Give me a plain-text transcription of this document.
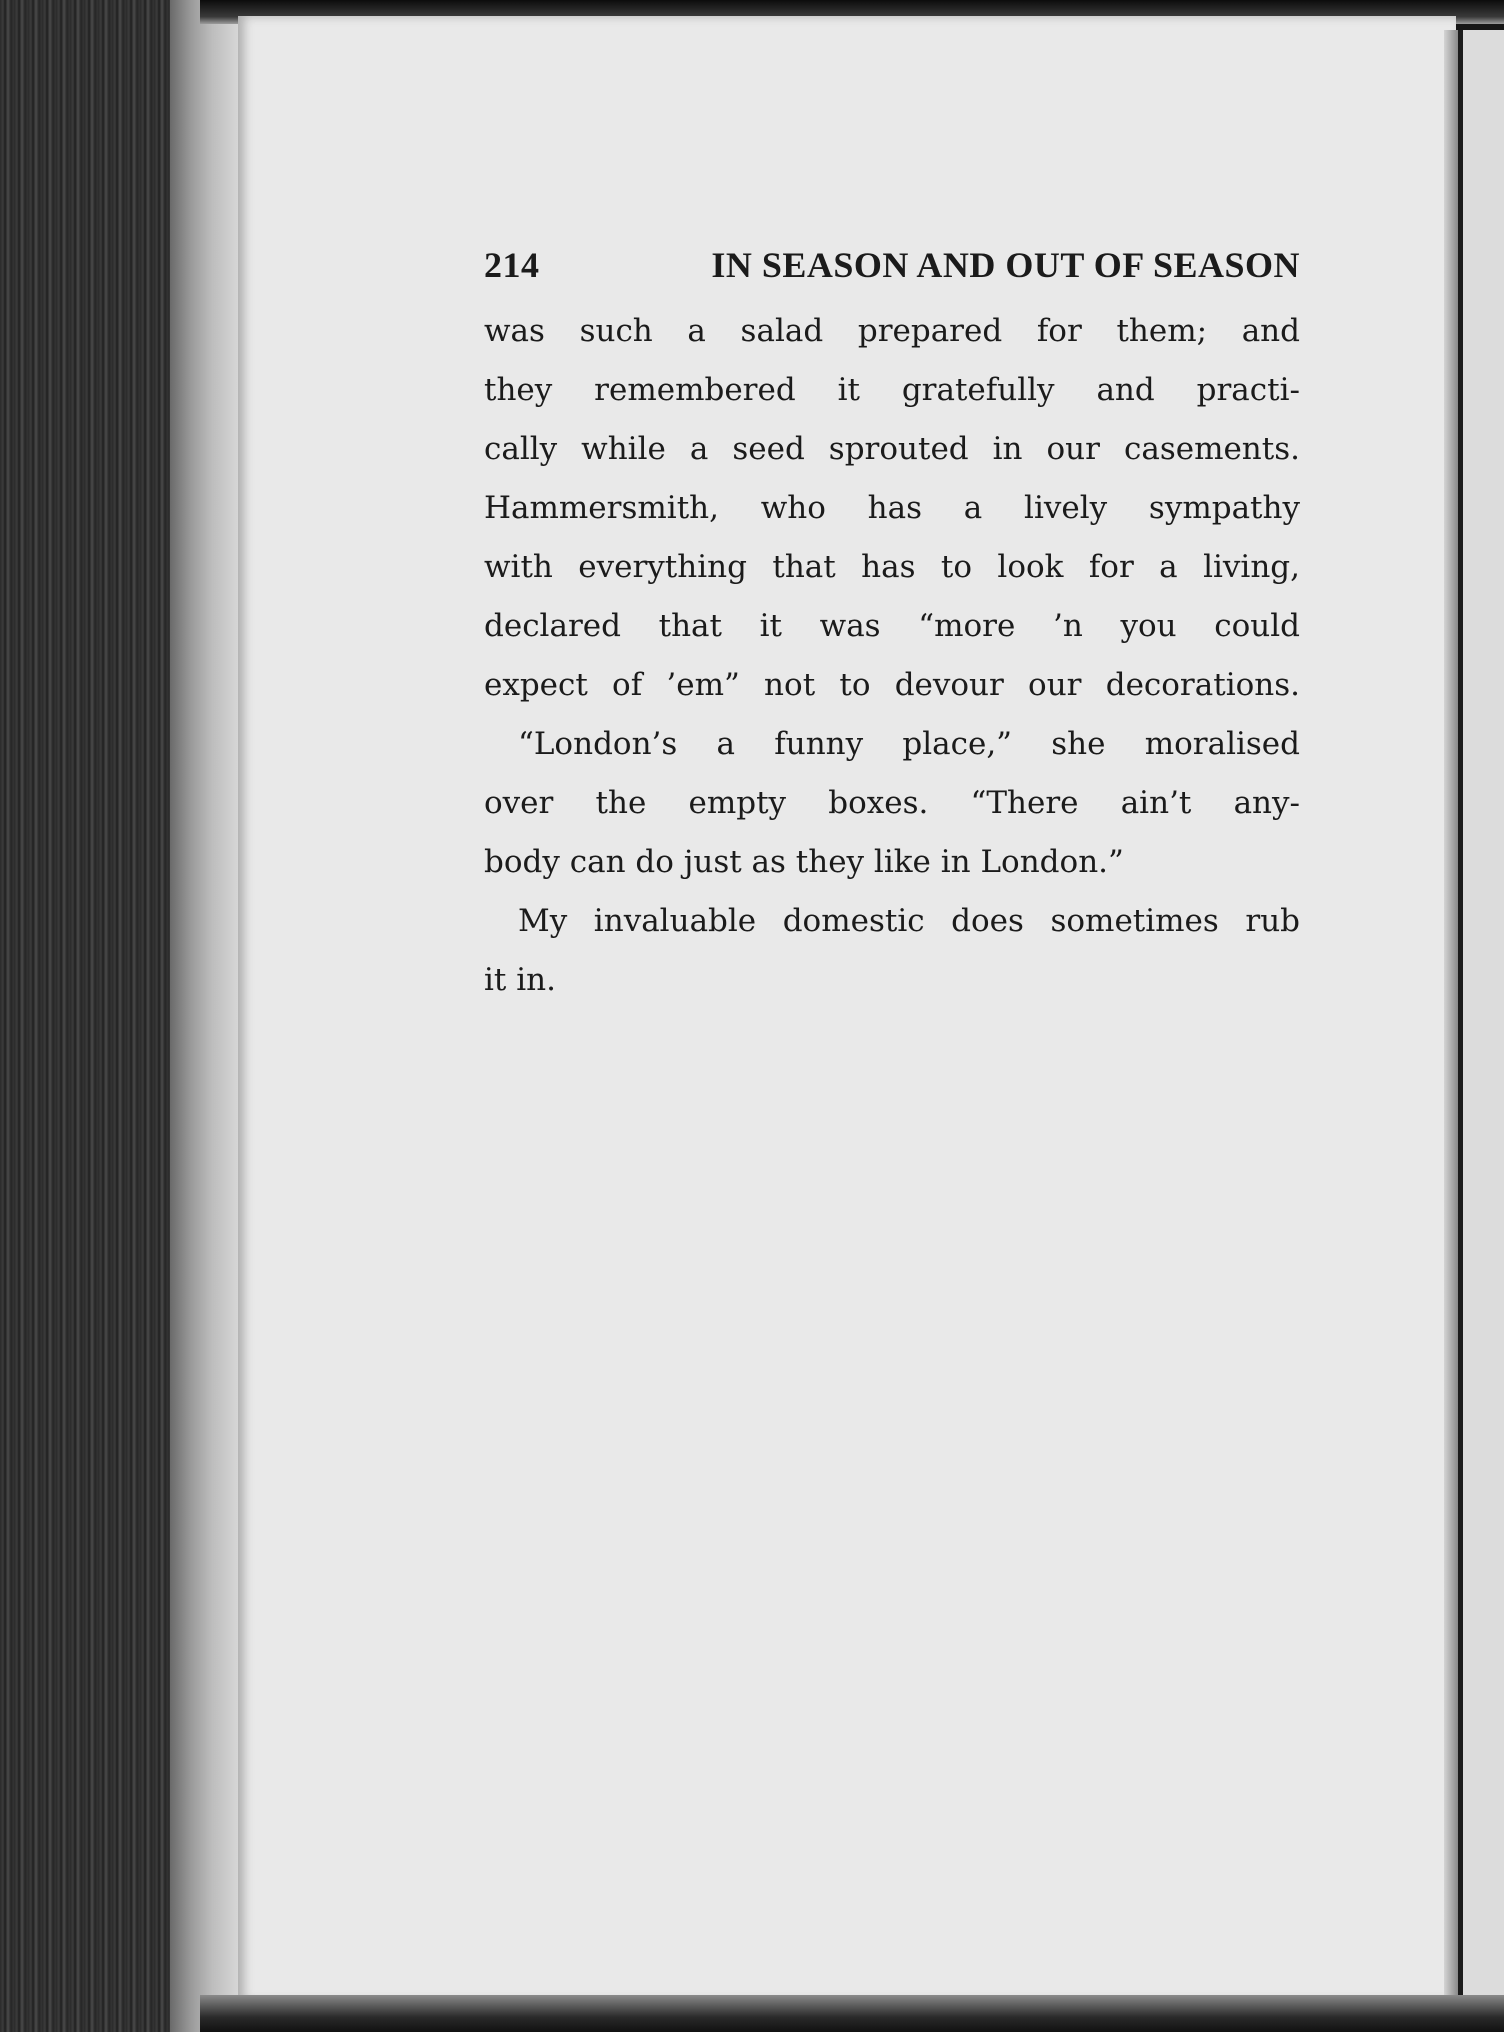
214	IN SEASON AND OUT OF SEASON
was such a salad prepared for them; and
they remembered it gratefully and practi-
cally while a seed sprouted in our casements.
Hammersmith, who has a lively sympathy
with everything that has to look for a living,
declared that it was “more ’n you could
expect of ’em” not to devour our decorations.
“London’s a funny place,” she moralised
over the empty boxes. “There ain’t any-
body can do just as they like in London.”
My invaluable domestic does sometimes rub
it in.
